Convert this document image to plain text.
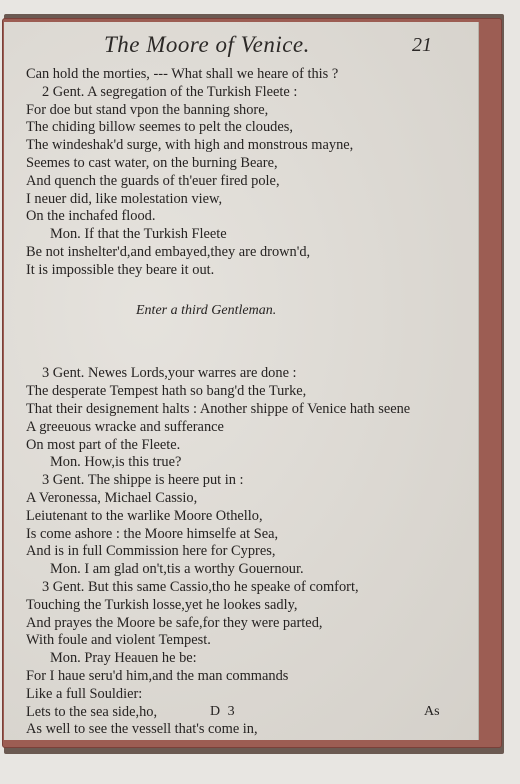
The Moore of Venice.	21
Can hold the morties, --- What shall we heare of this ?
2 Gent. A segregation of the Turkish Fleete :
For doe but stand vpon the banning shore,
The chiding billow seemes to pelt the cloudes,
The windeshak'd surge, with high and monstrous mayne,
Seemes to cast water, on the burning Beare,
And quench the guards of th'euer fired pole,
I neuer did, like molestation view,
On the inchafed flood.
Mon. If that the Turkish Fleete
Be not inshelter'd,and embayed,they are drown'd,
It is impossible they beare it out.
Enter a third Gentleman.
3 Gent. Newes Lords,your warres are done :
The desperate Tempest hath so bang'd the Turke,
That their designement halts : Another shippe of Venice hath seene
A greeuous wracke and sufferance
On most part of the Fleete.
Mon. How,is this true?
3 Gent. The shippe is heere put in :
A Veronessa, Michael Cassio,
Leiutenant to the warlike Moore Othello,
Is come ashore : the Moore himselfe at Sea,
And is in full Commission here for Cypres,
Mon. I am glad on't,tis a worthy Gouernour.
3 Gent. But this same Cassio,tho he speake of comfort,
Touching the Turkish losse,yet he lookes sadly,
And prayes the Moore be safe,for they were parted,
With foule and violent Tempest.
Mon. Pray Heauen he be:
For I haue seru'd him,and the man commands
Like a full Souldier:
Lets to the sea side,ho,
As well to see the vessell that's come in,
D 3	As
